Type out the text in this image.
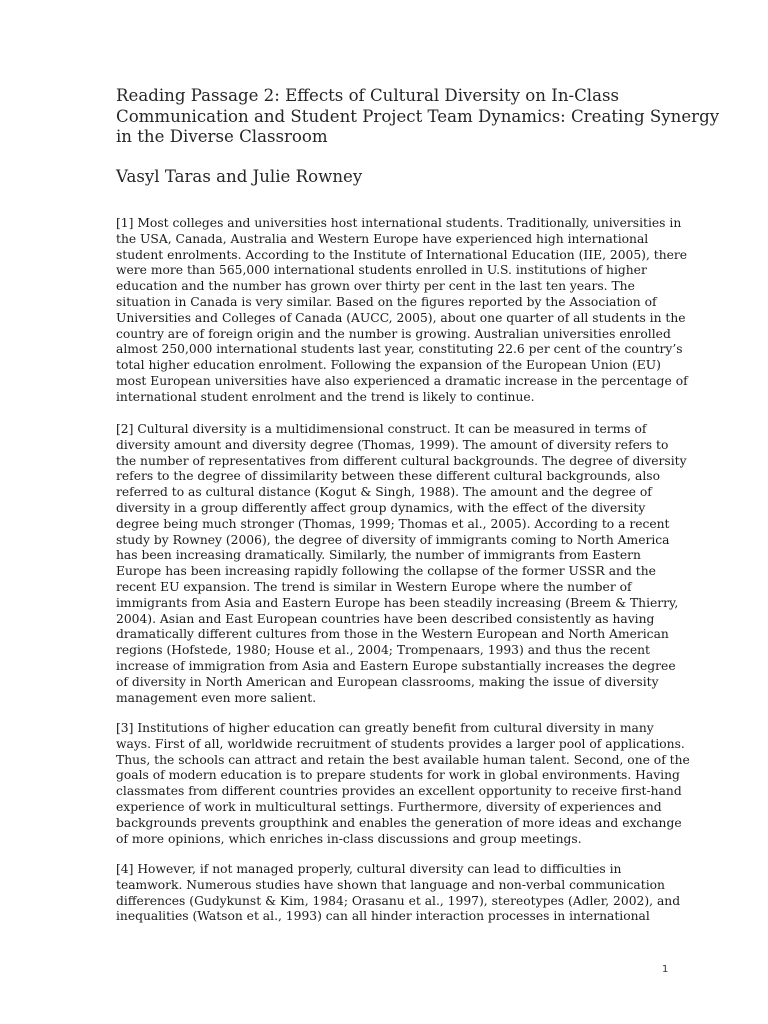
Reading Passage 2: Effects of Cultural Diversity on In-Class
Communication and Student Project Team Dynamics: Creating Synergy
in the Diverse Classroom
Vasyl Taras and Julie Rowney

[1] Most colleges and universities host international students. Traditionally, universities in
the USA, Canada, Australia and Western Europe have experienced high international
student enrolments. According to the Institute of International Education (IIE, 2005), there
were more than 565,000 international students enrolled in U.S. institutions of higher
education and the number has grown over thirty per cent in the last ten years. The
situation in Canada is very similar. Based on the figures reported by the Association of
Universities and Colleges of Canada (AUCC, 2005), about one quarter of all students in the
country are of foreign origin and the number is growing. Australian universities enrolled
almost 250,000 international students last year, constituting 22.6 per cent of the country’s
total higher education enrolment. Following the expansion of the European Union (EU)
most European universities have also experienced a dramatic increase in the percentage of
international student enrolment and the trend is likely to continue.

[2] Cultural diversity is a multidimensional construct. It can be measured in terms of
diversity amount and diversity degree (Thomas, 1999). The amount of diversity refers to
the number of representatives from different cultural backgrounds. The degree of diversity
refers to the degree of dissimilarity between these different cultural backgrounds, also
referred to as cultural distance (Kogut & Singh, 1988). The amount and the degree of
diversity in a group differently affect group dynamics, with the effect of the diversity
degree being much stronger (Thomas, 1999; Thomas et al., 2005). According to a recent
study by Rowney (2006), the degree of diversity of immigrants coming to North America
has been increasing dramatically. Similarly, the number of immigrants from Eastern
Europe has been increasing rapidly following the collapse of the former USSR and the
recent EU expansion. The trend is similar in Western Europe where the number of
immigrants from Asia and Eastern Europe has been steadily increasing (Breem & Thierry,
2004). Asian and East European countries have been described consistently as having
dramatically different cultures from those in the Western European and North American
regions (Hofstede, 1980; House et al., 2004; Trompenaars, 1993) and thus the recent
increase of immigration from Asia and Eastern Europe substantially increases the degree
of diversity in North American and European classrooms, making the issue of diversity
management even more salient.

[3] Institutions of higher education can greatly benefit from cultural diversity in many
ways. First of all, worldwide recruitment of students provides a larger pool of applications.
Thus, the schools can attract and retain the best available human talent. Second, one of the
goals of modern education is to prepare students for work in global environments. Having
classmates from different countries provides an excellent opportunity to receive first-hand
experience of work in multicultural settings. Furthermore, diversity of experiences and
backgrounds prevents groupthink and enables the generation of more ideas and exchange
of more opinions, which enriches in-class discussions and group meetings.

[4] However, if not managed properly, cultural diversity can lead to difficulties in
teamwork. Numerous studies have shown that language and non-verbal communication
differences (Gudykunst & Kim, 1984; Orasanu et al., 1997), stereotypes (Adler, 2002), and
inequalities (Watson et al., 1993) can all hinder interaction processes in international

1
